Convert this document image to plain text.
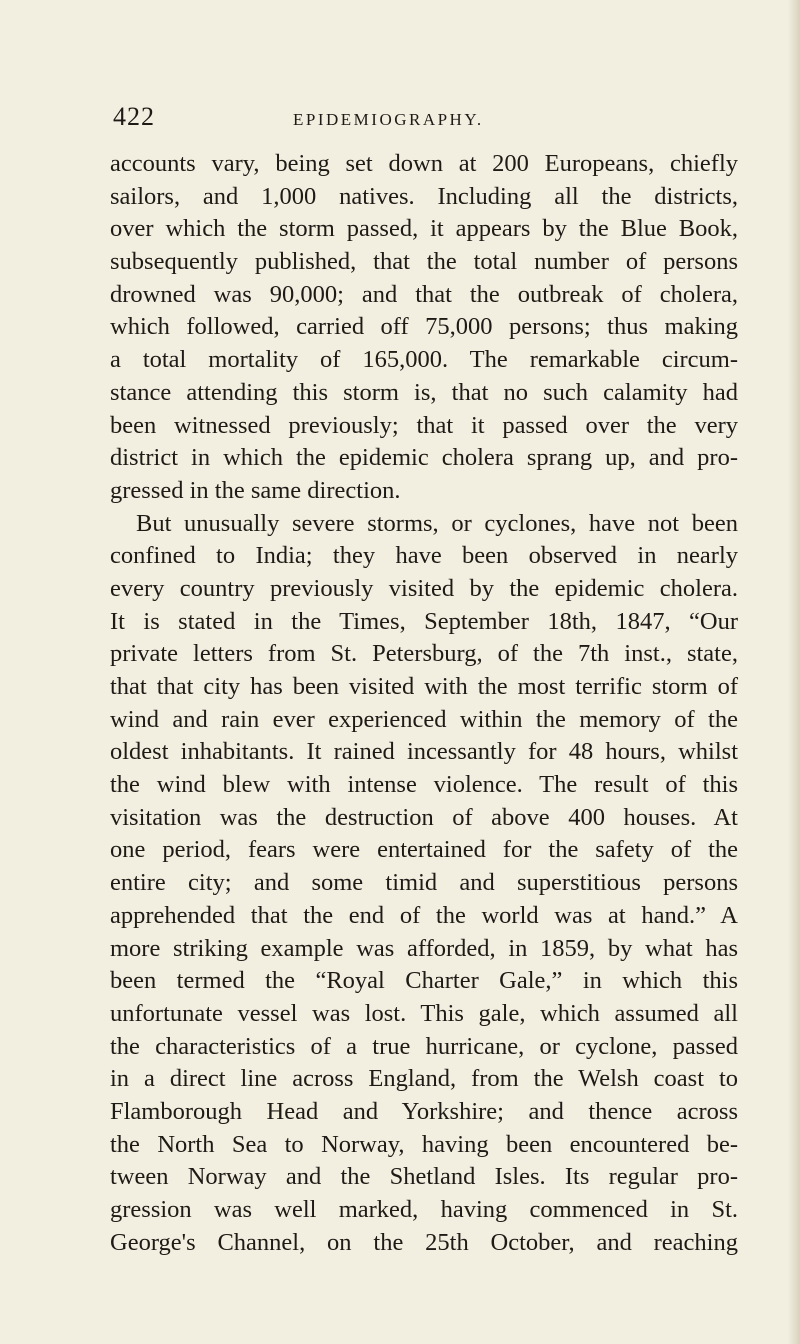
422	EPIDEMIOGRAPHY.
accounts vary, being set down at 200 Europeans, chiefly
sailors, and 1,000 natives. Including all the districts,
over which the storm passed, it appears by the Blue Book,
subsequently published, that the total number of persons
drowned was 90,000; and that the outbreak of cholera,
which followed, carried off 75,000 persons; thus making
a total mortality of 165,000. The remarkable circum-
stance attending this storm is, that no such calamity had
been witnessed previously; that it passed over the very
district in which the epidemic cholera sprang up, and pro-
gressed in the same direction.
But unusually severe storms, or cyclones, have not been
confined to India; they have been observed in nearly
every country previously visited by the epidemic cholera.
It is stated in the Times, September 18th, 1847, “Our
private letters from St. Petersburg, of the 7th inst., state,
that that city has been visited with the most terrific storm of
wind and rain ever experienced within the memory of the
oldest inhabitants. It rained incessantly for 48 hours, whilst
the wind blew with intense violence. The result of this
visitation was the destruction of above 400 houses. At
one period, fears were entertained for the safety of the
entire city; and some timid and superstitious persons
apprehended that the end of the world was at hand.” A
more striking example was afforded, in 1859, by what has
been termed the “Royal Charter Gale,” in which this
unfortunate vessel was lost. This gale, which assumed all
the characteristics of a true hurricane, or cyclone, passed
in a direct line across England, from the Welsh coast to
Flamborough Head and Yorkshire; and thence across
the North Sea to Norway, having been encountered be-
tween Norway and the Shetland Isles. Its regular pro-
gression was well marked, having commenced in St.
George's Channel, on the 25th October, and reaching
